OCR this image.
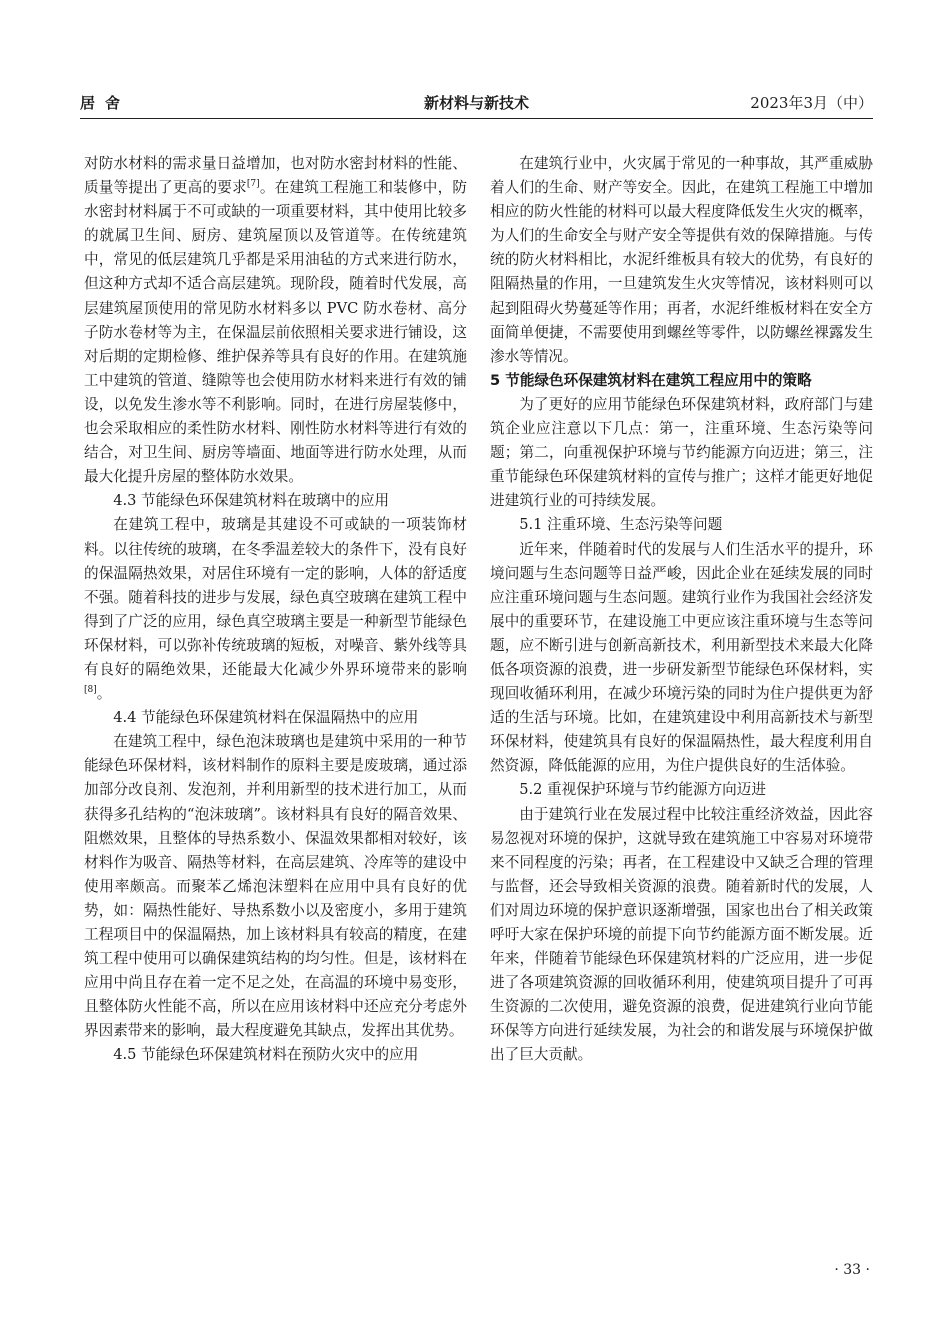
居舍	新材料与新技术	2023年3月（中）

对防水材料的需求量日益增加，也对防水密封材料的性能、质量等提出了更高的要求[7]。在建筑工程施工和装修中，防水密封材料属于不可或缺的一项重要材料，其中使用比较多的就属卫生间、厨房、建筑屋顶以及管道等。在传统建筑中，常见的低层建筑几乎都是采用油毡的方式来进行防水，但这种方式却不适合高层建筑。现阶段，随着时代发展，高层建筑屋顶使用的常见防水材料多以 PVC 防水卷材、高分子防水卷材等为主，在保温层前依照相关要求进行铺设，这对后期的定期检修、维护保养等具有良好的作用。在建筑施工中建筑的管道、缝隙等也会使用防水材料来进行有效的铺设，以免发生渗水等不利影响。同时，在进行房屋装修中，也会采取相应的柔性防水材料、刚性防水材料等进行有效的结合，对卫生间、厨房等墙面、地面等进行防水处理，从而最大化提升房屋的整体防水效果。

4.3 节能绿色环保建筑材料在玻璃中的应用

在建筑工程中，玻璃是其建设不可或缺的一项装饰材料。以往传统的玻璃，在冬季温差较大的条件下，没有良好的保温隔热效果，对居住环境有一定的影响，人体的舒适度不强。随着科技的进步与发展，绿色真空玻璃在建筑工程中得到了广泛的应用，绿色真空玻璃主要是一种新型节能绿色环保材料，可以弥补传统玻璃的短板，对噪音、紫外线等具有良好的隔绝效果，还能最大化减少外界环境带来的影响[8]。

4.4 节能绿色环保建筑材料在保温隔热中的应用

在建筑工程中，绿色泡沫玻璃也是建筑中采用的一种节能绿色环保材料，该材料制作的原料主要是废玻璃，通过添加部分改良剂、发泡剂，并利用新型的技术进行加工，从而获得多孔结构的“泡沫玻璃”。该材料具有良好的隔音效果、阻燃效果，且整体的导热系数小、保温效果都相对较好，该材料作为吸音、隔热等材料，在高层建筑、冷库等的建设中使用率颇高。而聚苯乙烯泡沫塑料在应用中具有良好的优势，如：隔热性能好、导热系数小以及密度小，多用于建筑工程项目中的保温隔热，加上该材料具有较高的精度，在建筑工程中使用可以确保建筑结构的均匀性。但是，该材料在应用中尚且存在着一定不足之处，在高温的环境中易变形，且整体防火性能不高，所以在应用该材料中还应充分考虑外界因素带来的影响，最大程度避免其缺点，发挥出其优势。

4.5 节能绿色环保建筑材料在预防火灾中的应用

在建筑行业中，火灾属于常见的一种事故，其严重威胁着人们的生命、财产等安全。因此，在建筑工程施工中增加相应的防火性能的材料可以最大程度降低发生火灾的概率，为人们的生命安全与财产安全等提供有效的保障措施。与传统的防火材料相比，水泥纤维板具有较大的优势，有良好的阻隔热量的作用，一旦建筑发生火灾等情况，该材料则可以起到阻碍火势蔓延等作用；再者，水泥纤维板材料在安全方面简单便捷，不需要使用到螺丝等零件，以防螺丝裸露发生渗水等情况。

5 节能绿色环保建筑材料在建筑工程应用中的策略

为了更好的应用节能绿色环保建筑材料，政府部门与建筑企业应注意以下几点：第一，注重环境、生态污染等问题；第二，向重视保护环境与节约能源方向迈进；第三，注重节能绿色环保建筑材料的宣传与推广；这样才能更好地促进建筑行业的可持续发展。

5.1 注重环境、生态污染等问题

近年来，伴随着时代的发展与人们生活水平的提升，环境问题与生态问题等日益严峻，因此企业在延续发展的同时应注重环境问题与生态问题。建筑行业作为我国社会经济发展中的重要环节，在建设施工中更应该注重环境与生态等问题，应不断引进与创新高新技术，利用新型技术来最大化降低各项资源的浪费，进一步研发新型节能绿色环保材料，实现回收循环利用，在减少环境污染的同时为住户提供更为舒适的生活与环境。比如，在建筑建设中利用高新技术与新型环保材料，使建筑具有良好的保温隔热性，最大程度利用自然资源，降低能源的应用，为住户提供良好的生活体验。

5.2 重视保护环境与节约能源方向迈进

由于建筑行业在发展过程中比较注重经济效益，因此容易忽视对环境的保护，这就导致在建筑施工中容易对环境带来不同程度的污染；再者，在工程建设中又缺乏合理的管理与监督，还会导致相关资源的浪费。随着新时代的发展，人们对周边环境的保护意识逐渐增强，国家也出台了相关政策呼吁大家在保护环境的前提下向节约能源方面不断发展。近年来，伴随着节能绿色环保建筑材料的广泛应用，进一步促进了各项建筑资源的回收循环利用，使建筑项目提升了可再生资源的二次使用，避免资源的浪费，促进建筑行业向节能环保等方向进行延续发展，为社会的和谐发展与环境保护做出了巨大贡献。

· 33 ·
